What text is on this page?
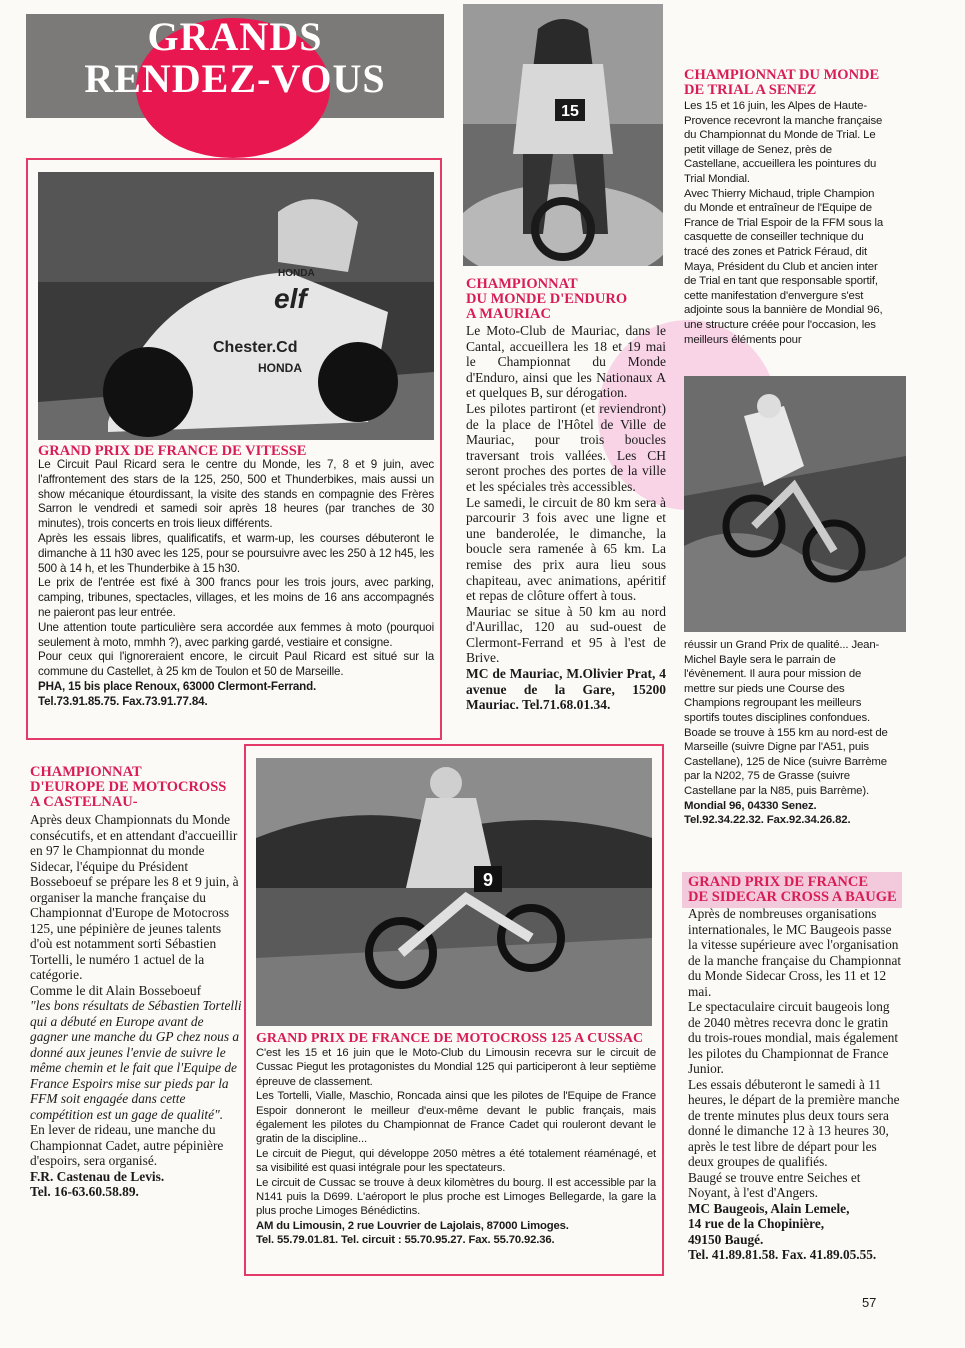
GRANDS
RENDEZ-VOUS
15
elf
Chester.Cd
HONDA
HONDA
GRAND PRIX DE FRANCE DE VITESSE

Le Circuit Paul Ricard sera le centre du Monde, les 7, 8 et 9 juin, avec l'affrontement des stars de la 125, 250, 500 et Thunderbikes, mais aussi un show mécanique étourdissant, la visite des stands en compagnie des Frères Sarron le vendredi et samedi soir après 18 heures (par tranches de 30 minutes), trois concerts en trois lieux différents.

Après les essais libres, qualificatifs, et warm-up, les courses débuteront le dimanche à 11 h30 avec les 125, pour se poursuivre avec les 250 à 12 h45, les 500 à 14 h, et les Thunderbike à 15 h30.

Le prix de l'entrée est fixé à 300 francs pour les trois jours, avec parking, camping, tribunes, spectacles, villages, et les moins de 16 ans accompagnés ne paieront pas leur entrée.

Une attention toute particulière sera accordée aux femmes à moto (pourquoi seulement à moto, mmhh ?), avec parking gardé, vestiaire et consigne.

Pour ceux qui l'ignoreraient encore, le circuit Paul Ricard est situé sur la commune du Castellet, à 25 km de Toulon et 50 de Marseille.

PHA, 15 bis place Renoux, 63000 Clermont-Ferrand.

Tel.73.91.85.75. Fax.73.91.77.84.

CHAMPIONNAT
DU MONDE D'ENDURO
A MAURIAC

Le Moto-Club de Mauriac, dans le Cantal, accueillera les 18 et 19 mai le Championnat du Monde d'Enduro, ainsi que les Nationaux A et quelques B, sur dérogation.

Les pilotes partiront (et reviendront) de la place de l'Hôtel de Ville de Mauriac, pour trois boucles traversant trois vallées. Les CH seront proches des portes de la ville et les spéciales très accessibles.

Le samedi, le circuit de 80 km sera à parcourir 3 fois avec une ligne et une banderolée, le dimanche, la boucle sera ramenée à 65 km. La remise des prix aura lieu sous chapiteau, avec animations, apéritif et repas de clôture offert à tous.

Mauriac se situe à 50 km au nord d'Aurillac, 120 au sud-ouest de Clermont-Ferrand et 95 à l'est de Brive.

MC de Mauriac, M.Olivier Prat, 4 avenue de la Gare, 15200 Mauriac. Tel.71.68.01.34.

CHAMPIONNAT DU MONDE
DE TRIAL A SENEZ

Les 15 et 16 juin, les Alpes de Haute-Provence recevront la manche française du Championnat du Monde de Trial. Le petit village de Senez, près de Castellane, accueillera les pointures du Trial Mondial.

Avec Thierry Michaud, triple Champion du Monde et entraîneur de l'Equipe de France de Trial Espoir de la FFM sous la casquette de conseiller technique du tracé des zones et Patrick Féraud, dit Maya, Président du Club et ancien inter de Trial en tant que responsable sportif, cette manifestation d'envergure s'est adjointe sous la bannière de Mondial 96, une structure créée pour l'occasion, les meilleurs éléments pour

réussir un Grand Prix de qualité... Jean-Michel Bayle sera le parrain de l'évènement. Il aura pour mission de mettre sur pieds une Course des Champions regroupant les meilleurs sportifs toutes disciplines confondues. Boade se trouve à 155 km au nord-est de Marseille (suivre Digne par l'A51, puis Castellane), 125 de Nice (suivre Barrème par la N202, 75 de Grasse (suivre Castellane par la N85, puis Barrème).

Mondial 96, 04330 Senez.

Tel.92.34.22.32. Fax.92.34.26.82.

CHAMPIONNAT
D'EUROPE DE MOTOCROSS
A CASTELNAU-

Après deux Championnats du Monde consécutifs, et en attendant d'accueillir en 97 le Championnat du monde Sidecar, l'équipe du Président Bosseboeuf se prépare les 8 et 9 juin, à organiser la manche française du Championnat d'Europe de Motocross 125, une pépinière de jeunes talents d'où est notamment sorti Sébastien Tortelli, le numéro 1 actuel de la catégorie.

Comme le dit Alain Bosseboeuf

"les bons résultats de Sébastien Tortelli qui a débuté en Europe avant de gagner une manche du GP chez nous a donné aux jeunes l'envie de suivre le même chemin et le fait que l'Equipe de France Espoirs mise sur pieds par la FFM soit engagée dans cette compétition est un gage de qualité".

En lever de rideau, une manche du Championnat Cadet, autre pépinière d'espoirs, sera organisé.

F.R. Castenau de Levis.

Tel. 16-63.60.58.89.

9
GRAND PRIX DE FRANCE DE MOTOCROSS 125 A CUSSAC

C'est les 15 et 16 juin que le Moto-Club du Limousin recevra sur le circuit de Cussac Piegut les protagonistes du Mondial 125 qui participeront à leur septième épreuve de classement.

Les Tortelli, Vialle, Maschio, Roncada ainsi que les pilotes de l'Equipe de France Espoir donneront le meilleur d'eux-même devant le public français, mais également les pilotes du Championnat de France Cadet qui rouleront devant le gratin de la discipline...

Le circuit de Piegut, qui développe 2050 mètres a été totalement réaménagé, et sa visibilité est quasi intégrale pour les spectateurs.

Le circuit de Cussac se trouve à deux kilomètres du bourg. Il est accessible par la N141 puis la D699. L'aéroport le plus proche est Limoges Bellegarde, la gare la plus proche Limoges Bénédictins.

AM du Limousin, 2 rue Louvrier de Lajolais, 87000 Limoges.

Tel. 55.79.01.81. Tel. circuit : 55.70.95.27. Fax. 55.70.92.36.

GRAND PRIX DE FRANCE
DE SIDECAR CROSS A BAUGE

Après de nombreuses organisations internationales, le MC Baugeois passe la vitesse supérieure avec l'organisation de la manche française du Championnat du Monde Sidecar Cross, les 11 et 12 mai.

Le spectaculaire circuit baugeois long de 2040 mètres recevra donc le gratin du trois-roues mondial, mais également les pilotes du Championnat de France Junior.

Les essais débuteront le samedi à 11 heures, le départ de la première manche de trente minutes plus deux tours sera donné le dimanche 12 à 13 heures 30, après le test libre de départ pour les deux groupes de qualifiés.

Baugé se trouve entre Seiches et Noyant, à l'est d'Angers.

MC Baugeois, Alain Lemele,

14 rue de la Chopinière,

49150 Baugé.

Tel. 41.89.81.58. Fax. 41.89.05.55.

57
